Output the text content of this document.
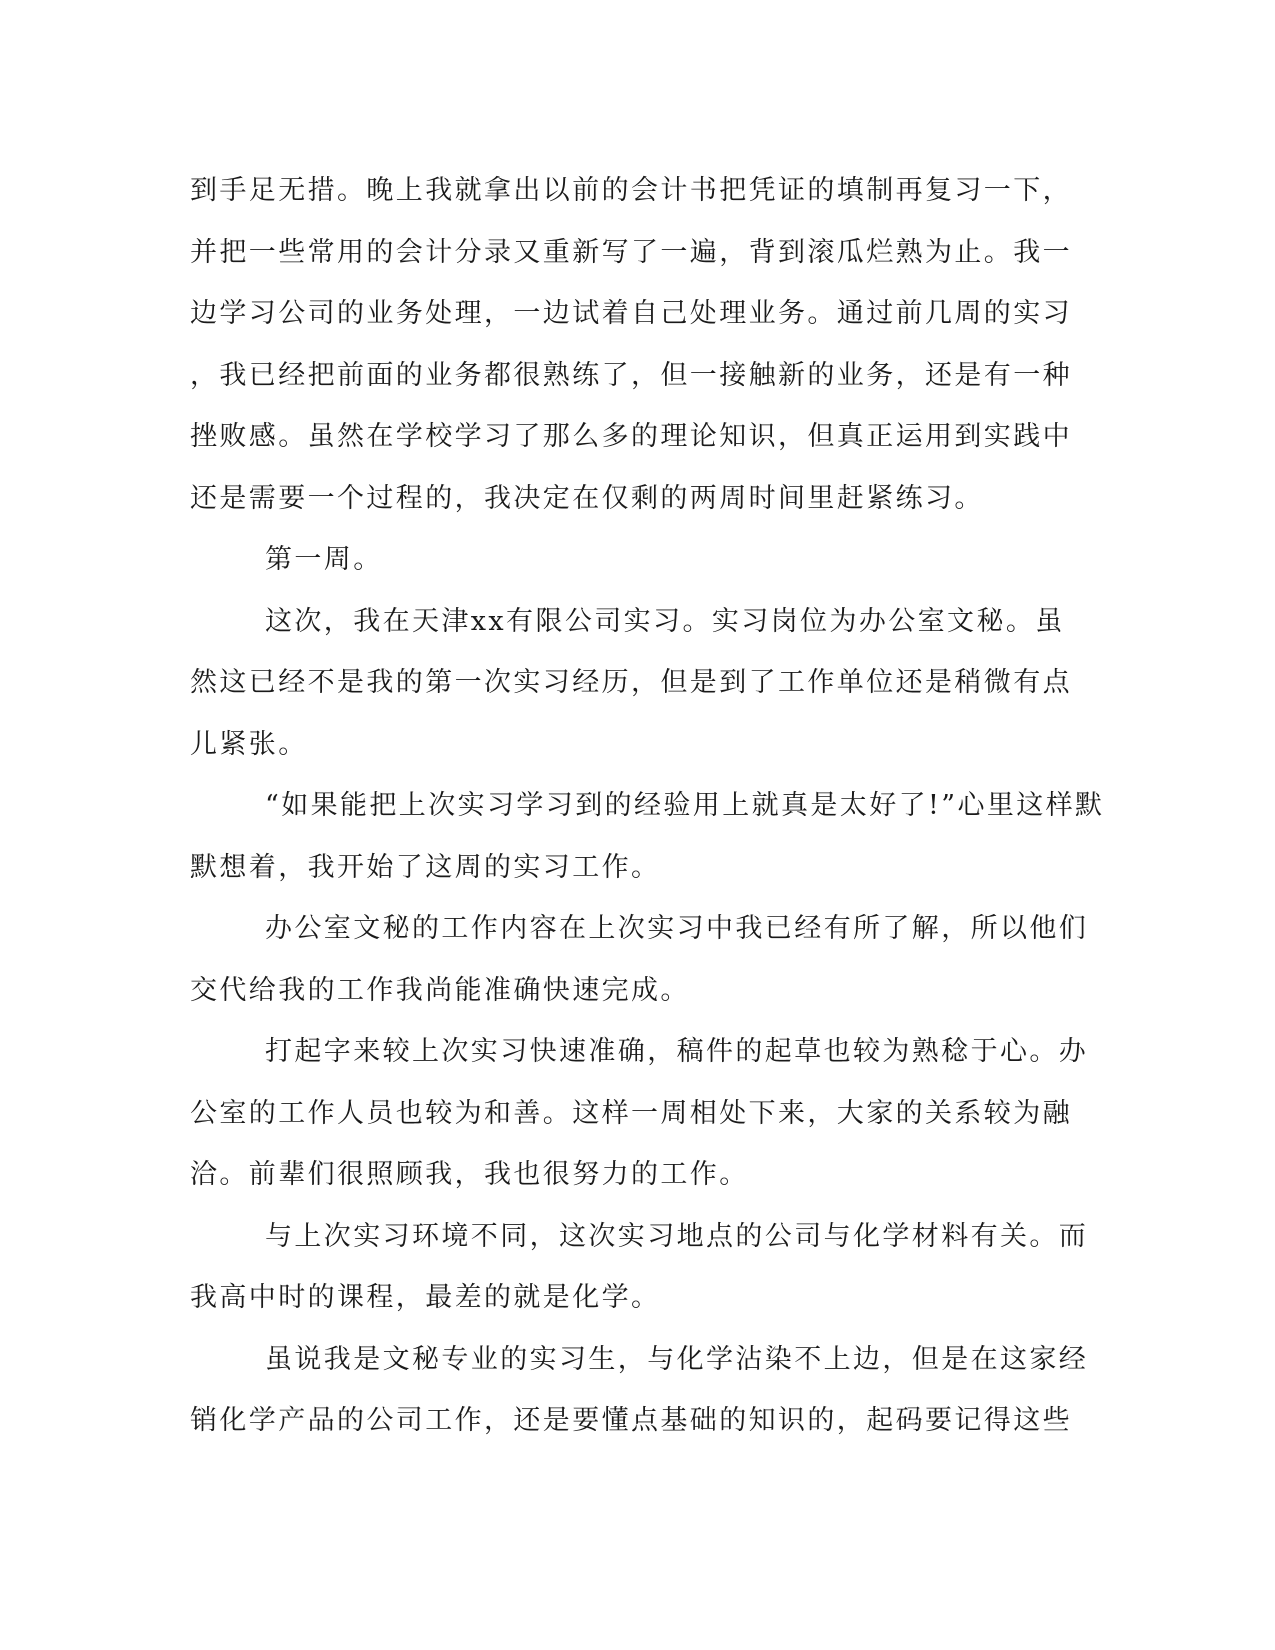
到手足无措。晚上我就拿出以前的会计书把凭证的填制再复习一下，
并把一些常用的会计分录又重新写了一遍，背到滚瓜烂熟为止。我一
边学习公司的业务处理，一边试着自己处理业务。通过前几周的实习
，我已经把前面的业务都很熟练了，但一接触新的业务，还是有一种
挫败感。虽然在学校学习了那么多的理论知识，但真正运用到实践中
还是需要一个过程的，我决定在仅剩的两周时间里赶紧练习。
第一周。
这次，我在天津xx有限公司实习。实习岗位为办公室文秘。虽
然这已经不是我的第一次实习经历，但是到了工作单位还是稍微有点
儿紧张。
“如果能把上次实习学习到的经验用上就真是太好了!”心里这样默
默想着，我开始了这周的实习工作。
办公室文秘的工作内容在上次实习中我已经有所了解，所以他们
交代给我的工作我尚能准确快速完成。
打起字来较上次实习快速准确，稿件的起草也较为熟稔于心。办
公室的工作人员也较为和善。这样一周相处下来，大家的关系较为融
洽。前辈们很照顾我，我也很努力的工作。
与上次实习环境不同，这次实习地点的公司与化学材料有关。而
我高中时的课程，最差的就是化学。
虽说我是文秘专业的实习生，与化学沾染不上边，但是在这家经
销化学产品的公司工作，还是要懂点基础的知识的，起码要记得这些
